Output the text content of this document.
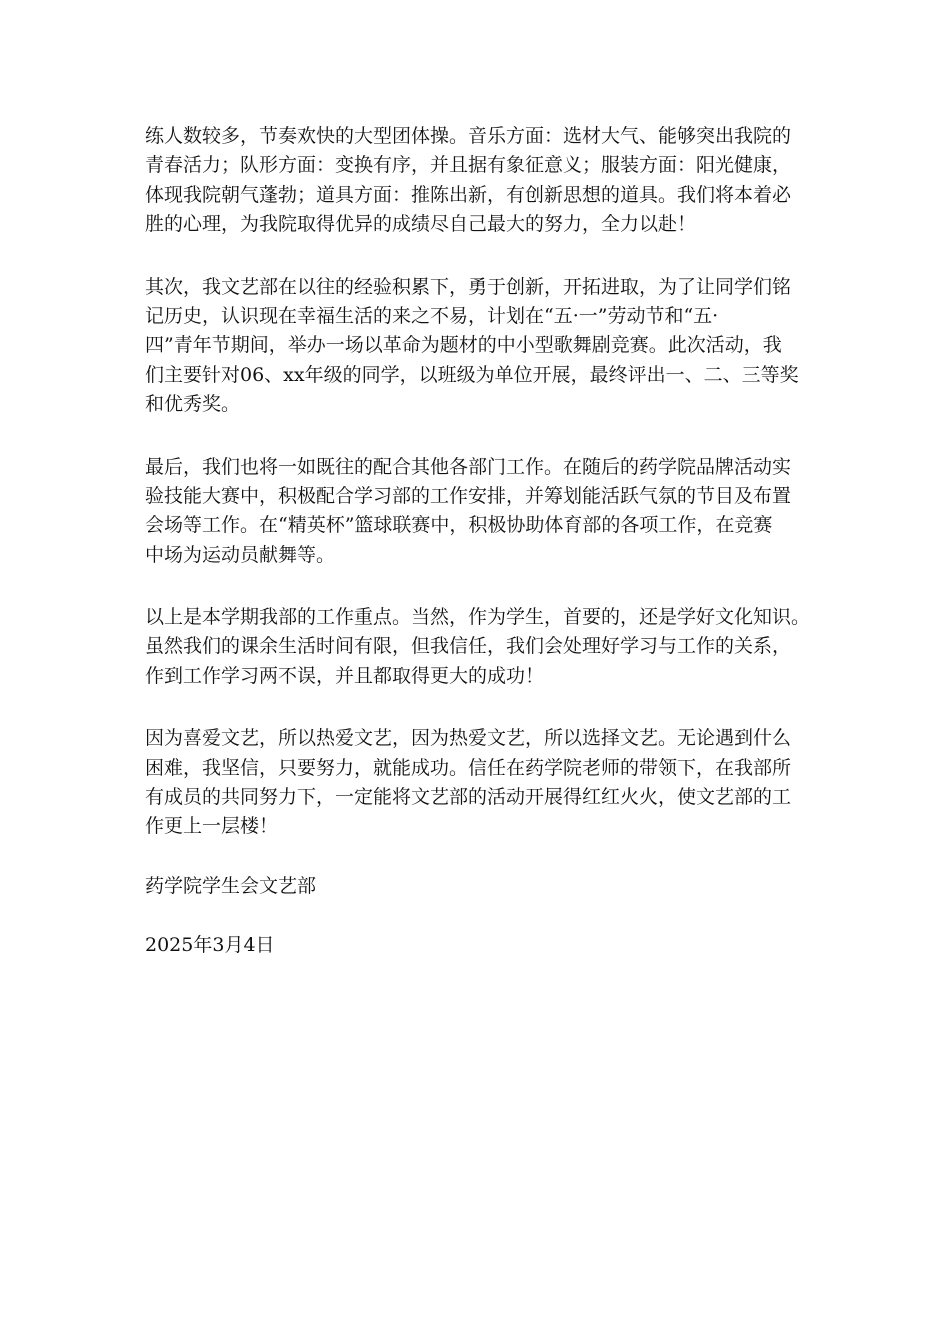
练人数较多，节奏欢快的大型团体操。音乐方面：选材大气、能够突出我院的
青春活力；队形方面：变换有序，并且据有象征意义；服装方面：阳光健康，
体现我院朝气蓬勃；道具方面：推陈出新，有创新思想的道具。我们将本着必
胜的心理，为我院取得优异的成绩尽自己最大的努力，全力以赴！
其次，我文艺部在以往的经验积累下，勇于创新，开拓进取，为了让同学们铭
记历史，认识现在幸福生活的来之不易，计划在“五·一”劳动节和“五·
四”青年节期间，举办一场以革命为题材的中小型歌舞剧竞赛。此次活动，我
们主要针对06、xx年级的同学，以班级为单位开展，最终评出一、二、三等奖
和优秀奖。
最后，我们也将一如既往的配合其他各部门工作。在随后的药学院品牌活动实
验技能大赛中，积极配合学习部的工作安排，并筹划能活跃气氛的节目及布置
会场等工作。在“精英杯”篮球联赛中，积极协助体育部的各项工作，在竞赛
中场为运动员献舞等。
以上是本学期我部的工作重点。当然，作为学生，首要的，还是学好文化知识。
虽然我们的课余生活时间有限，但我信任，我们会处理好学习与工作的关系，
作到工作学习两不误，并且都取得更大的成功！
因为喜爱文艺，所以热爱文艺，因为热爱文艺，所以选择文艺。无论遇到什么
困难，我坚信，只要努力，就能成功。信任在药学院老师的带领下，在我部所
有成员的共同努力下，一定能将文艺部的活动开展得红红火火，使文艺部的工
作更上一层楼！
药学院学生会文艺部
2025年3月4日
